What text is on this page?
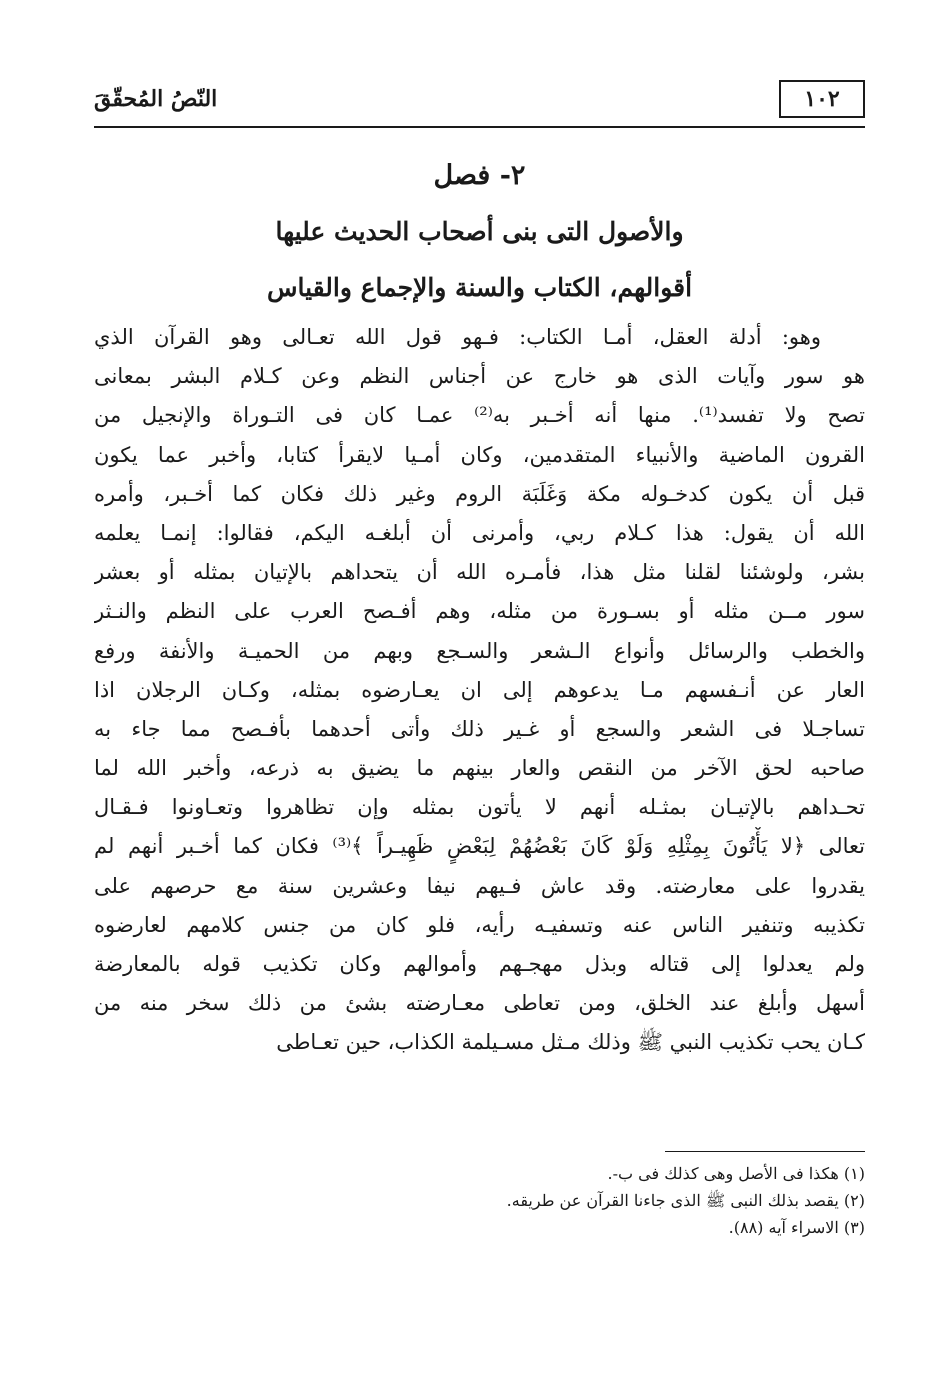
النّصُ المُحقّقَ	١٠٢
٢- فصل
والأصول التى بنى أصحاب الحديث عليها
أقوالهم، الكتاب والسنة والإجماع والقياس
وهو: أدلة العقل، أمـا الكتاب: فـهو قول الله تعـالى وهو القرآن الذي
هو سور وآيات الذى هو خارج عن أجناس النظم وعن كـلام البشر بمعانى
تصح ولا تفسد⁽¹⁾. منها أنه أخـبر به⁽²⁾ عمـا كان فى التـوراة والإنجيل من
القرون الماضية والأنبياء المتقدمين، وكان أمـيا لايقرأ كتابا، وأخبر عما يكون
قبل أن يكون كدخـوله مكة وَغَلَبَة الروم وغير ذلك فكان كما أخـبر، وأمره
الله أن يقول: هذا كـلام ربي، وأمرنى أن أبلغـه اليكم، فقالوا: إنمـا يعلمه
بشر، ولوشئنا لقلنا مثل هذا، فأمـره الله أن يتحداهم بالإتيان بمثله أو بعشر
سور مــن مثله أو بسـورة من مثله، وهم أفـصح العرب على النظم والنـثر
والخطب والرسائل وأنواع الـشعر والسـجع وبهم من الحميـة والأنفة ورفع
العار عن أنـفسهم مـا يدعوهم إلى ان يعـارضوه بمثله، وكـان الرجلان اذا
تساجـلا فى الشعر والسجع أو غـير ذلك وأتى أحدهما بأفـصح مما جاء به
صاحبه لحق الآخر من النقص والعار بينهم ما يضيق به ذرعه، وأخبر الله لما
تحـداهم بالإتيـان بمثـله أنهم لا يأتون بمثله وإن تظاهروا وتعـاونوا فـقـال
تعالى ﴿لا يَأْتُونَ بِمِثْلِهِ وَلَوْ كَانَ بَعْضُهُمْ لِبَعْضٍ ظَهِيـراً ﴾⁽³⁾ فكان كما أخـبر أنهم لم
يقدروا على معارضته. وقد عاش فـيهم نيفا وعشرين سنة مع حرصهم على
تكذيبه وتنفير الناس عنه وتسفيـه رأيه، فلو كان من جنس كلامهم لعارضوه
ولم يعدلوا إلى قتاله وبذل مهجـهم وأموالهم وكان تكذيب قوله بالمعارضة
أسهل وأبلغ عند الخلق، ومن تعاطى معـارضته بشئ من ذلك سخر منه من
كـان يحب تكذيب النبي ﷺ وذلك مـثل مسـيلمة الكذاب، حين تعـاطى
(١) هكذا فى الأصل وهى كذلك فى ب-.
(٢) يقصد بذلك النبى ﷺ الذى جاءنا القرآن عن طريقه.
(٣) الاسراء آيه (٨٨).
